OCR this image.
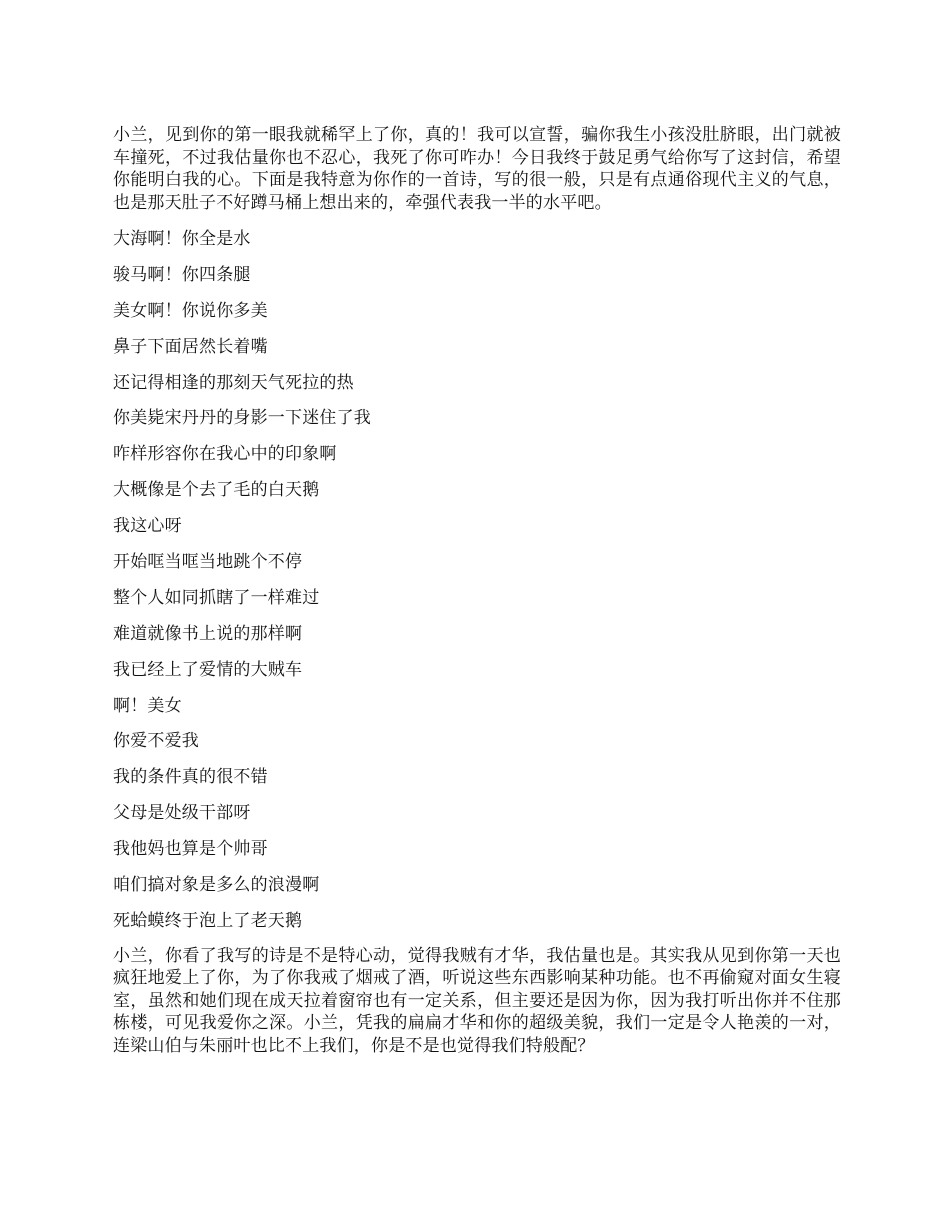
小兰，见到你的第一眼我就稀罕上了你，真的！我可以宣誓，骗你我生小孩没肚脐眼，出门就被车撞死，不过我估量你也不忍心，我死了你可咋办！今日我终于鼓足勇气给你写了这封信，希望你能明白我的心。下面是我特意为你作的一首诗，写的很一般，只是有点通俗现代主义的气息，也是那天肚子不好蹲马桶上想出来的，牵强代表我一半的水平吧。

大海啊！你全是水
骏马啊！你四条腿
美女啊！你说你多美
鼻子下面居然长着嘴
还记得相逢的那刻天气死拉的热
你美毙宋丹丹的身影一下迷住了我
咋样形容你在我心中的印象啊
大概像是个去了毛的白天鹅
我这心呀
开始哐当哐当地跳个不停
整个人如同抓瞎了一样难过
难道就像书上说的那样啊
我已经上了爱情的大贼车
啊！美女
你爱不爱我
我的条件真的很不错
父母是处级干部呀
我他妈也算是个帅哥
咱们搞对象是多么的浪漫啊
死蛤蟆终于泡上了老天鹅

小兰，你看了我写的诗是不是特心动，觉得我贼有才华，我估量也是。其实我从见到你第一天也疯狂地爱上了你，为了你我戒了烟戒了酒，听说这些东西影响某种功能。也不再偷窥对面女生寝室，虽然和她们现在成天拉着窗帘也有一定关系，但主要还是因为你，因为我打听出你并不住那栋楼，可见我爱你之深。小兰，凭我的扁扁才华和你的超级美貌，我们一定是令人艳羡的一对，连梁山伯与朱丽叶也比不上我们，你是不是也觉得我们特般配？
